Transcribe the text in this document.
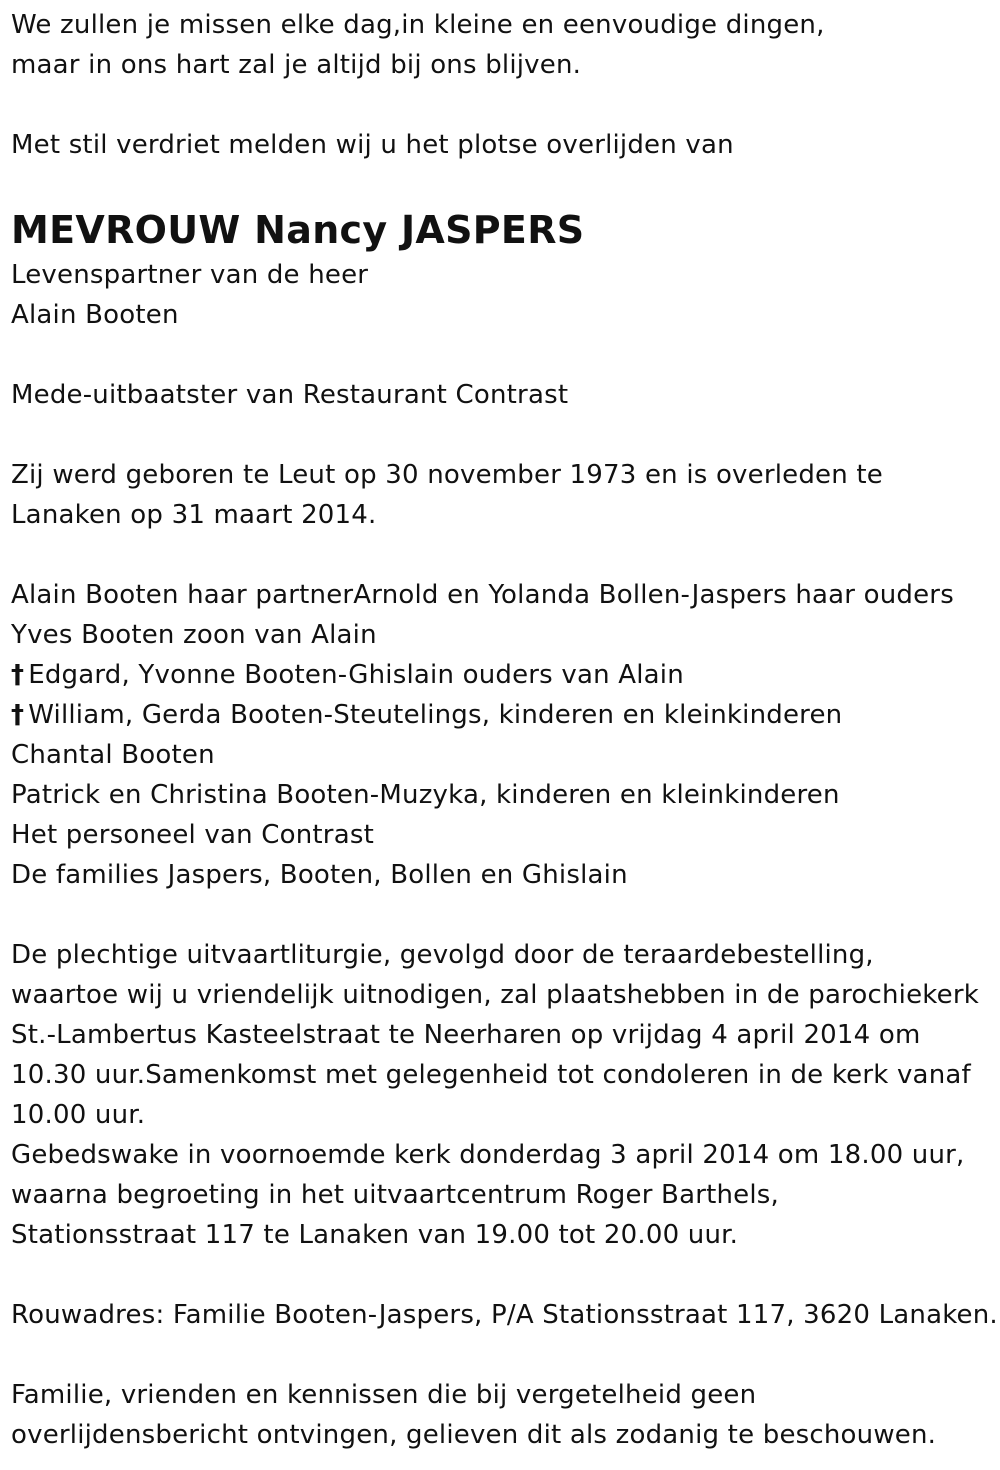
We zullen je missen elke dag,in kleine en eenvoudige dingen,
maar in ons hart zal je altijd bij ons blijven.
Met stil verdriet melden wij u het plotse overlijden van
MEVROUW Nancy JASPERS
Levenspartner van de heer
Alain Booten
Mede-uitbaatster van Restaurant Contrast
Zij werd geboren te Leut op 30 november 1973 en is overleden te
Lanaken op 31 maart 2014.
Alain Booten haar partnerArnold en Yolanda Bollen-Jaspers haar ouders
Yves Booten zoon van Alain
† Edgard, Yvonne Booten-Ghislain ouders van Alain
† William, Gerda Booten-Steutelings, kinderen en kleinkinderen
Chantal Booten
Patrick en Christina Booten-Muzyka, kinderen en kleinkinderen
Het personeel van Contrast
De families Jaspers, Booten, Bollen en Ghislain
De plechtige uitvaartliturgie, gevolgd door de teraardebestelling,
waartoe wij u vriendelijk uitnodigen, zal plaatshebben in de parochiekerk
St.-Lambertus Kasteelstraat te Neerharen op vrijdag 4 april 2014 om
10.30 uur.Samenkomst met gelegenheid tot condoleren in de kerk vanaf
10.00 uur.
Gebedswake in voornoemde kerk donderdag 3 april 2014 om 18.00 uur,
waarna begroeting in het uitvaartcentrum Roger Barthels,
Stationsstraat 117 te Lanaken van 19.00 tot 20.00 uur.
Rouwadres: Familie Booten-Jaspers, P/A Stationsstraat 117, 3620 Lanaken.
Familie, vrienden en kennissen die bij vergetelheid geen
overlijdensbericht ontvingen, gelieven dit als zodanig te beschouwen.
